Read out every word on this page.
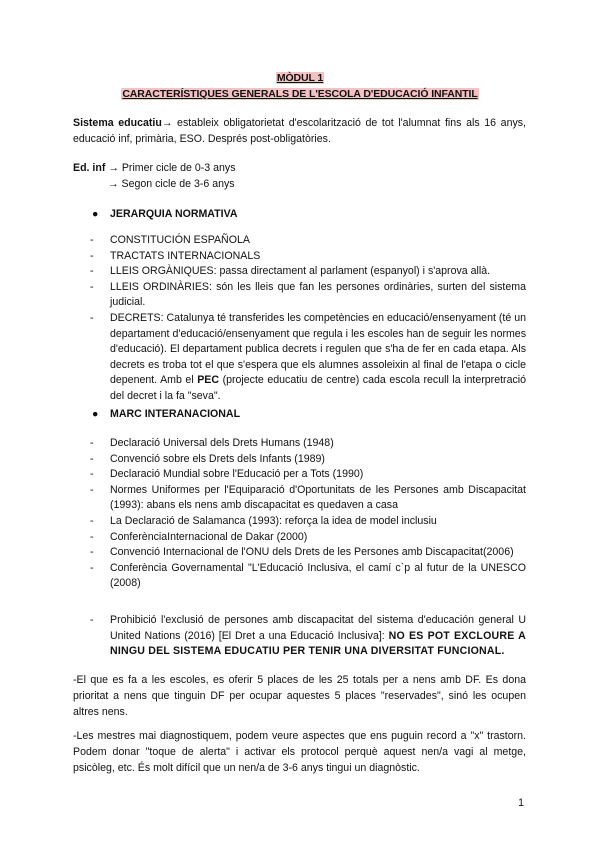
MÒDUL 1
CARACTERÍSTIQUES GENERALS DE L'ESCOLA D'EDUCACIÓ INFANTIL
Sistema educatiu→ estableix obligatorietat d'escolarització de tot l'alumnat fins als 16 anys, educació inf, primària, ESO. Després post-obligatòries.
Ed. inf → Primer cicle de 0-3 anys
→ Segon cicle de 3-6 anys
● JERARQUIA NORMATIVA
- CONSTITUCIÓN ESPAÑOLA
- TRACTATS INTERNACIONALS
- LLEIS ORGÀNIQUES: passa directament al parlament (espanyol) i s'aprova allà.
- LLEIS ORDINÀRIES: són les lleis que fan les persones ordinàries, surten del sistema judicial.
- DECRETS: Catalunya té transferides les competències en educació/ensenyament (té un departament d'educació/ensenyament que regula i les escoles han de seguir les normes d'educació). El departament publica decrets i regulen que s'ha de fer en cada etapa. Als decrets es troba tot el que s'espera que els alumnes assoleixin al final de l'etapa o cicle depenent. Amb el PEC (projecte educatiu de centre) cada escola recull la interpretració del decret i la fa "seva".
● MARC INTERANACIONAL
- Declaració Universal dels Drets Humans (1948)
- Convenció sobre els Drets dels Infants (1989)
- Declaració Mundial sobre l'Educació per a Tots (1990)
- Normes Uniformes per l'Equiparació d'Oportunitats de les Persones amb Discapacitat (1993): abans els nens amb discapacitat es quedaven a casa
- La Declaració de Salamanca (1993): reforça la idea de model inclusiu
- ConferènciaInternacional de Dakar (2000)
- Convenció Internacional de l'ONU dels Drets de les Persones amb Discapacitat(2006)
- Conferència Governamental "L'Educació Inclusiva, el camí c`p al futur de la UNESCO (2008)
- Prohibició l'exclusió de persones amb discapacitat del sistema d'educación general U United Nations (2016) [El Dret a una Educació Inclusiva]: NO ES POT EXCLOURE A NINGU DEL SISTEMA EDUCATIU PER TENIR UNA DIVERSITAT FUNCIONAL.
-El que es fa a les escoles, es oferir 5 places de les 25 totals per a nens amb DF. Es dona prioritat a nens que tinguin DF per ocupar aquestes 5 places "reservades", sinó les ocupen altres nens.
-Les mestres mai diagnostiquem, podem veure aspectes que ens puguin record a "x" trastorn. Podem donar "toque de alerta" i activar els protocol perquè aquest nen/a vagi al metge, psicòleg, etc. És molt difícil que un nen/a de 3-6 anys tingui un diagnòstic.
1
